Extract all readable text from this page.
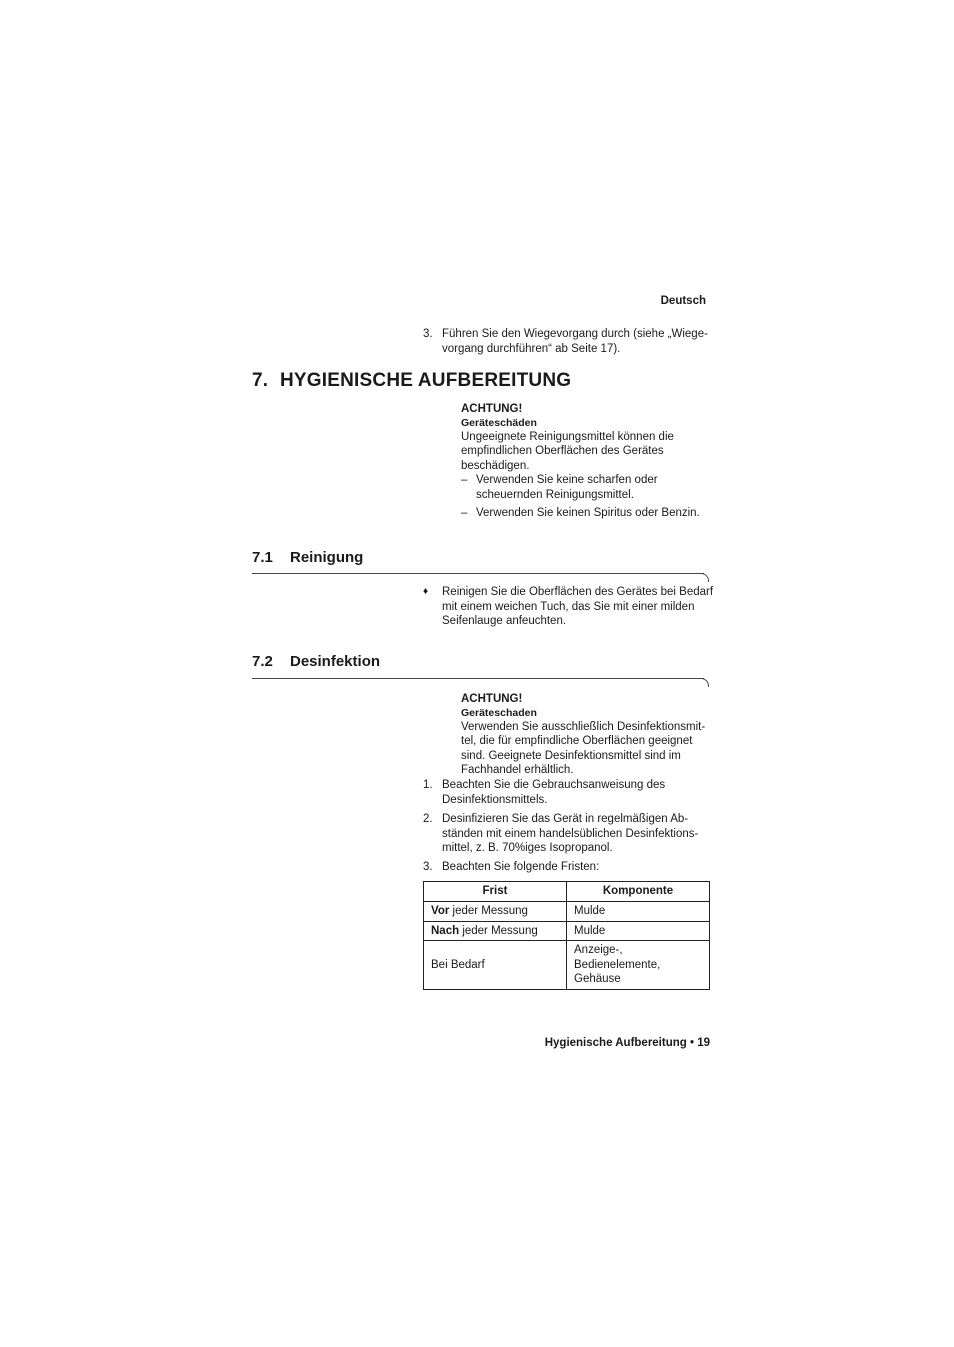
Deutsch
3. Führen Sie den Wiegevorgang durch (siehe „Wiege-vorgang durchführen“ ab Seite 17).
7. HYGIENISCHE AUFBEREITUNG
ACHTUNG!
Geräteschäden
Ungeeignete Reinigungsmittel können die empfindlichen Oberflächen des Gerätes beschädigen.
– Verwenden Sie keine scharfen oder scheuernden Reinigungsmittel.
– Verwenden Sie keinen Spiritus oder Benzin.
7.1 Reinigung
♦ Reinigen Sie die Oberflächen des Gerätes bei Bedarf mit einem weichen Tuch, das Sie mit einer milden Seifenlauge anfeuchten.
7.2 Desinfektion
ACHTUNG!
Geräteschaden
Verwenden Sie ausschließlich Desinfektionsmit-tel, die für empfindliche Oberflächen geeignet sind. Geeignete Desinfektionsmittel sind im Fachhandel erhältlich.
1. Beachten Sie die Gebrauchsanweisung des Desinfektionsmittels.
2. Desinfizieren Sie das Gerät in regelmäßigen Ab-ständen mit einem handelsüblichen Desinfektions-mittel, z. B. 70%iges Isopropanol.
3. Beachten Sie folgende Fristen:
Frist	Komponente
Vor jeder Messung	Mulde
Nach jeder Messung	Mulde
Bei Bedarf	Anzeige-,
Bedienelemente,
Gehäuse
Hygienische Aufbereitung • 19
